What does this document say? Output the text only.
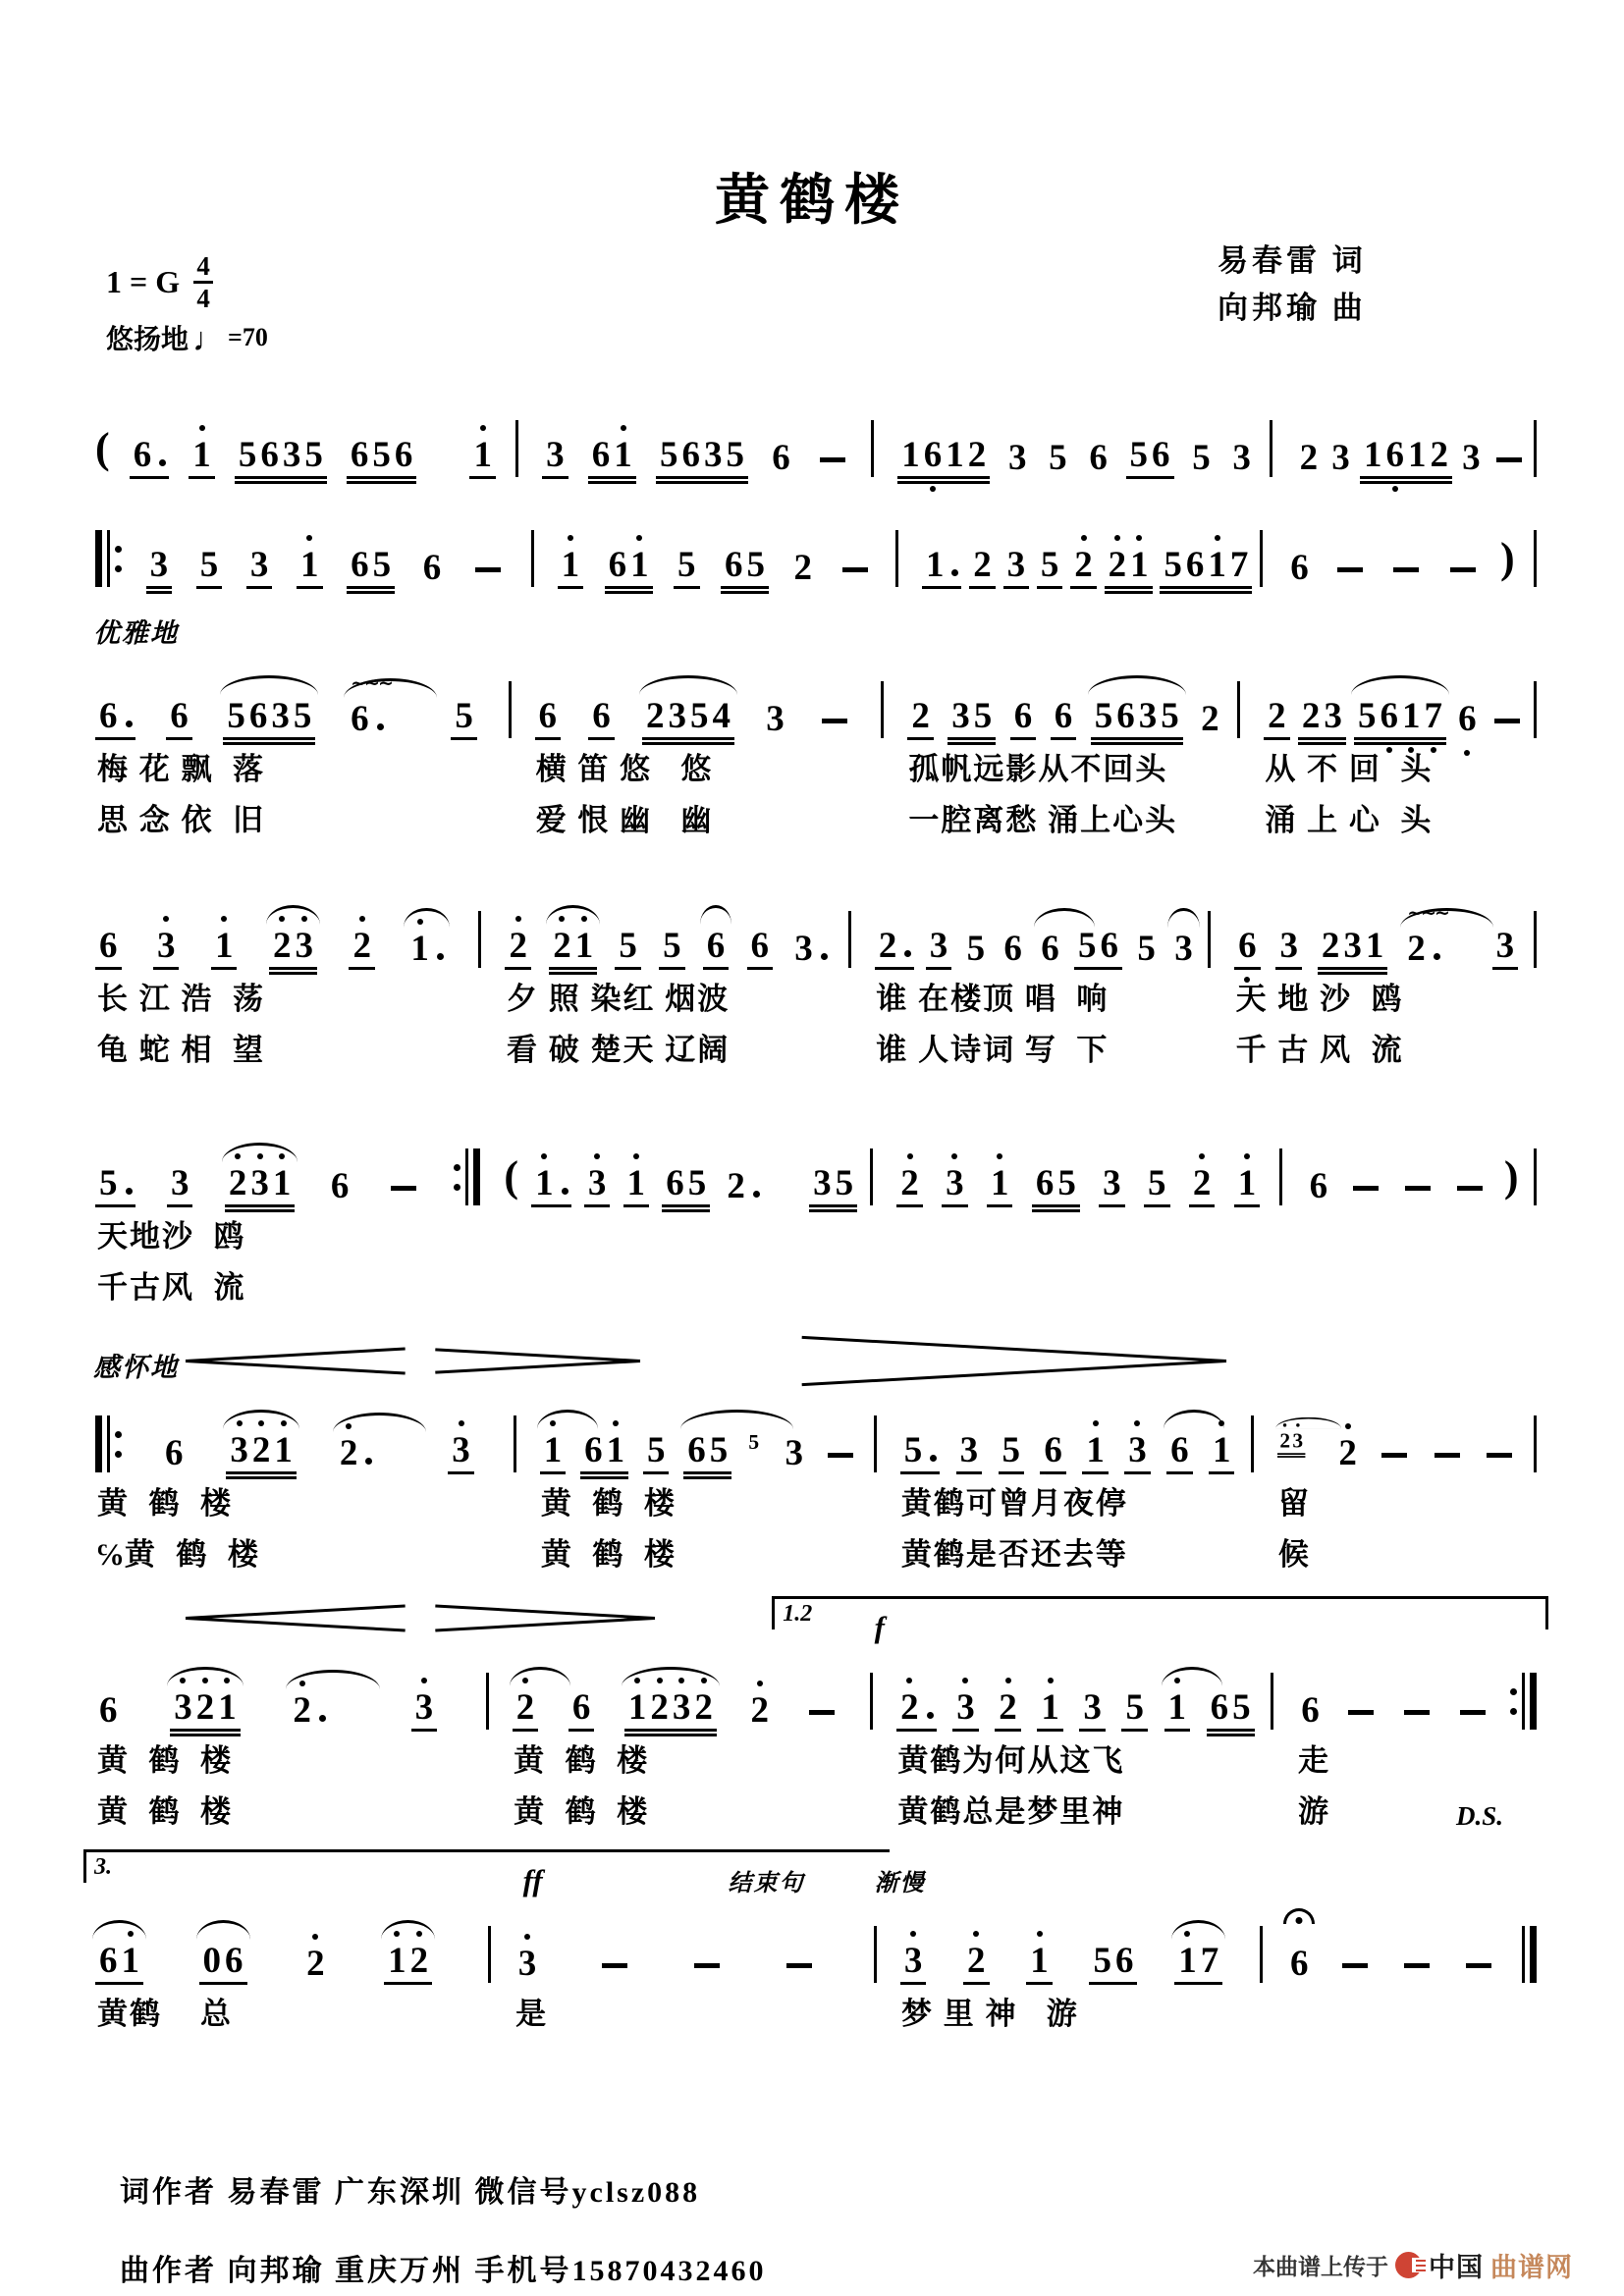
黄鹤楼
易春雷 词
向邦瑜 曲
1 = G $\frac{4}{4}$
悠扬地 ♩ =70
( 6 1 5 6 3 5 6 5 6 1 3 6 1 5 6 3 5 6	1 6 1 2 3 5 6 5 6 5 3 2 3 1 6 1 2 3
3 5 3 1 6 5 6	1 6 1 5 6 5 2	1 2 3 5 2 2 1 5 6 1 7 6	)
优雅地
6 6 5 6 3 5 6
~~~
5 6 6 2 3 5 4 3	2 3 5 6 6 5 6 3 5 2 2 2 3 5 6 1 7 6
梅 花 飘  落	横 笛 悠   悠	孤帆远影从不回头	从 不 回  头
思 念 依  旧	爱 恨 幽   幽	一腔离愁 涌上心头	涌 上 心  头
6 3 1 2 3 2 1 2 2 1 5 5 6 6 3 2 3 5 6 6 5 6 5 3 6 3 2 3 1 2
~~~
3
长 江 浩  荡	夕 照 染红 烟波	谁 在楼顶 唱  响	天 地 沙  鸥
龟 蛇 相  望	看 破 楚天 辽阔	谁 人诗词 写  下	千 古 风  流
5 3 2 3 1 6	( 1 3 1 6 5 2 3 5 2 3 1 6 5 3 5 2 1 6	)
天地沙  鸥
千古风  流
感怀地
6 3 2 1 2	3 1 6 1 5 6 5 5 3	5 3 5 6 1 3 6 1 2 3 2
黄  鹤  楼	黄  鹤  楼	黄鹤可曾月夜停	留
℅黄  鹤  楼	黄  鹤  楼	黄鹤是否还去等	候
1.2 f
6 3 2 1 2	3 2 6 1 2 3 2 2	2 3 2 1 3 5 1 6 5 6
黄  鹤  楼	黄  鹤  楼	黄鹤为何从这飞	走
黄  鹤  楼	黄  鹤  楼	黄鹤总是梦里神	游	D.S.
3.	ff	结束句	渐慢
6 1 0 6 2 1 2 3	3 2 1 5 6 1 7 6
黄鹤    总	是	梦 里 神   游
词作者 易春雷 广东深圳 微信号yclsz088
曲作者 向邦瑜 重庆万州 手机号15870432460	本曲谱上传于 中国 曲谱网
